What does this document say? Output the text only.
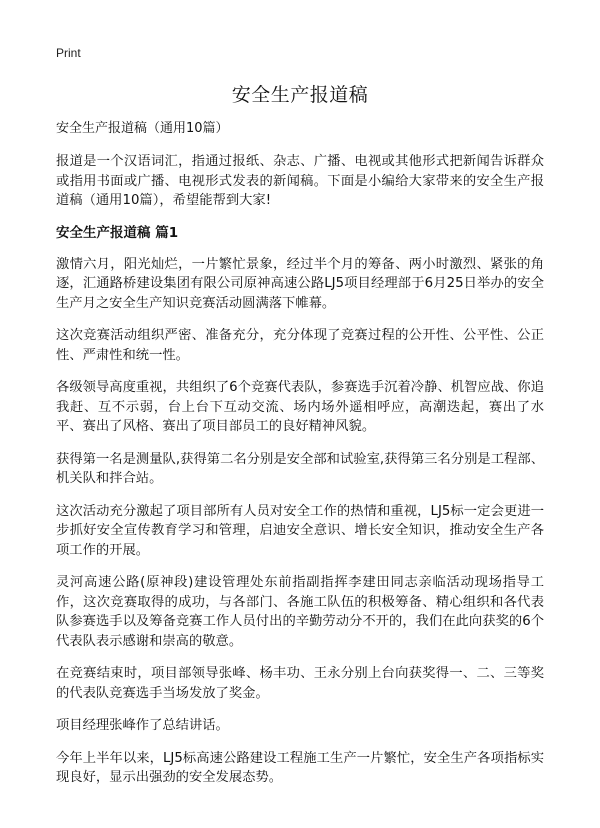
Print
安全生产报道稿

安全生产报道稿（通用10篇）

报道是一个汉语词汇，指通过报纸、杂志、广播、电视或其他形式把新闻告诉群众或指用书面或广播、电视形式发表的新闻稿。下面是小编给大家带来的安全生产报道稿（通用10篇），希望能帮到大家!

安全生产报道稿 篇1

激情六月，阳光灿烂，一片繁忙景象，经过半个月的筹备、两小时激烈、紧张的角逐，汇通路桥建设集团有限公司原神高速公路LJ5项目经理部于6月25日举办的安全生产月之安全生产知识竞赛活动圆满落下帷幕。

这次竞赛活动组织严密、准备充分，充分体现了竞赛过程的公开性、公平性、公正性、严肃性和统一性。

各级领导高度重视，共组织了6个竞赛代表队，参赛选手沉着冷静、机智应战、你追我赶、互不示弱，台上台下互动交流、场内场外遥相呼应，高潮迭起，赛出了水平、赛出了风格、赛出了项目部员工的良好精神风貌。

获得第一名是测量队,获得第二名分别是安全部和试验室,获得第三名分别是工程部、机关队和拌合站。

这次活动充分激起了项目部所有人员对安全工作的热情和重视，LJ5标一定会更进一步抓好安全宣传教育学习和管理，启迪安全意识、增长安全知识，推动安全生产各项工作的开展。

灵河高速公路(原神段)建设管理处东前指副指挥李建田同志亲临活动现场指导工作，这次竞赛取得的成功，与各部门、各施工队伍的积极筹备、精心组织和各代表队参赛选手以及筹备竞赛工作人员付出的辛勤劳动分不开的，我们在此向获奖的6个代表队表示感谢和崇高的敬意。

在竞赛结束时，项目部领导张峰、杨丰功、王永分别上台向获奖得一、二、三等奖的代表队竞赛选手当场发放了奖金。

项目经理张峰作了总结讲话。

今年上半年以来，LJ5标高速公路建设工程施工生产一片繁忙，安全生产各项指标实现良好，显示出强劲的安全发展态势。
